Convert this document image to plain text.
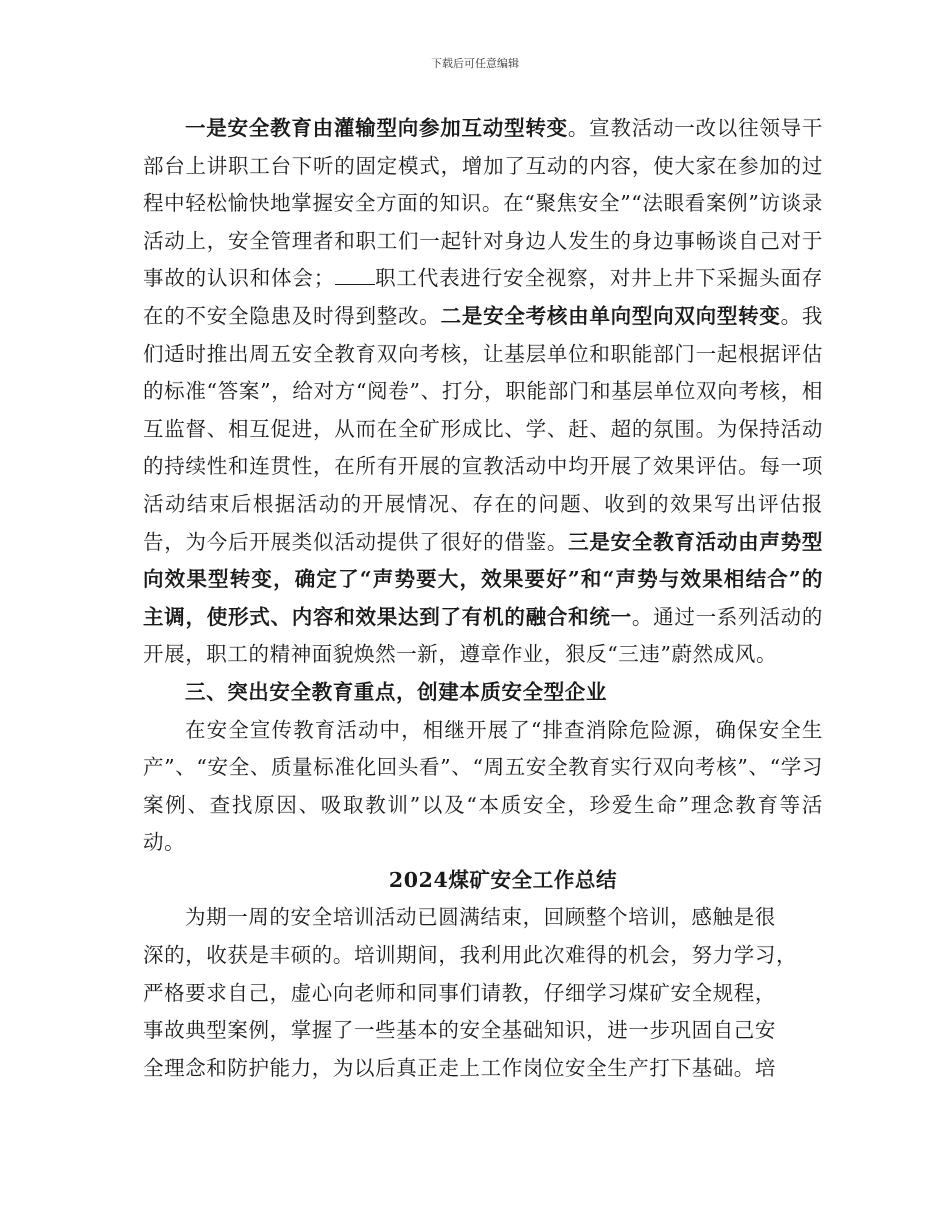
下载后可任意编辑

一是安全教育由灌输型向参加互动型转变。宣教活动一改以往领导干部台上讲职工台下听的固定模式，增加了互动的内容，使大家在参加的过程中轻松愉快地掌握安全方面的知识。在“聚焦安全”“法眼看案例”访谈录活动上，安全管理者和职工们一起针对身边人发生的身边事畅谈自己对于事故的认识和体会； 职工代表进行安全视察，对井上井下采掘头面存在的不安全隐患及时得到整改。二是安全考核由单向型向双向型转变。我们适时推出周五安全教育双向考核，让基层单位和职能部门一起根据评估的标准“答案”，给对方“阅卷”、打分，职能部门和基层单位双向考核，相互监督、相互促进，从而在全矿形成比、学、赶、超的氛围。为保持活动的持续性和连贯性，在所有开展的宣教活动中均开展了效果评估。每一项活动结束后根据活动的开展情况、存在的问题、收到的效果写出评估报告，为今后开展类似活动提供了很好的借鉴。三是安全教育活动由声势型向效果型转变，确定了“声势要大，效果要好”和“声势与效果相结合”的主调，使形式、内容和效果达到了有机的融合和统一。通过一系列活动的开展，职工的精神面貌焕然一新，遵章作业，狠反“三违”蔚然成风。

三、突出安全教育重点，创建本质安全型企业

在安全宣传教育活动中，相继开展了“排查消除危险源，确保安全生产”、“安全、质量标准化回头看”、“周五安全教育实行双向考核”、“学习案例、查找原因、吸取教训”以及“本质安全，珍爱生命”理念教育等活动。

2024煤矿安全工作总结

为期一周的安全培训活动已圆满结束，回顾整个培训，感触是很

深的，收获是丰硕的。培训期间，我利用此次难得的机会，努力学习，

严格要求自己，虚心向老师和同事们请教，仔细学习煤矿安全规程，

事故典型案例，掌握了一些基本的安全基础知识，进一步巩固自己安

全理念和防护能力，为以后真正走上工作岗位安全生产打下基础。培
